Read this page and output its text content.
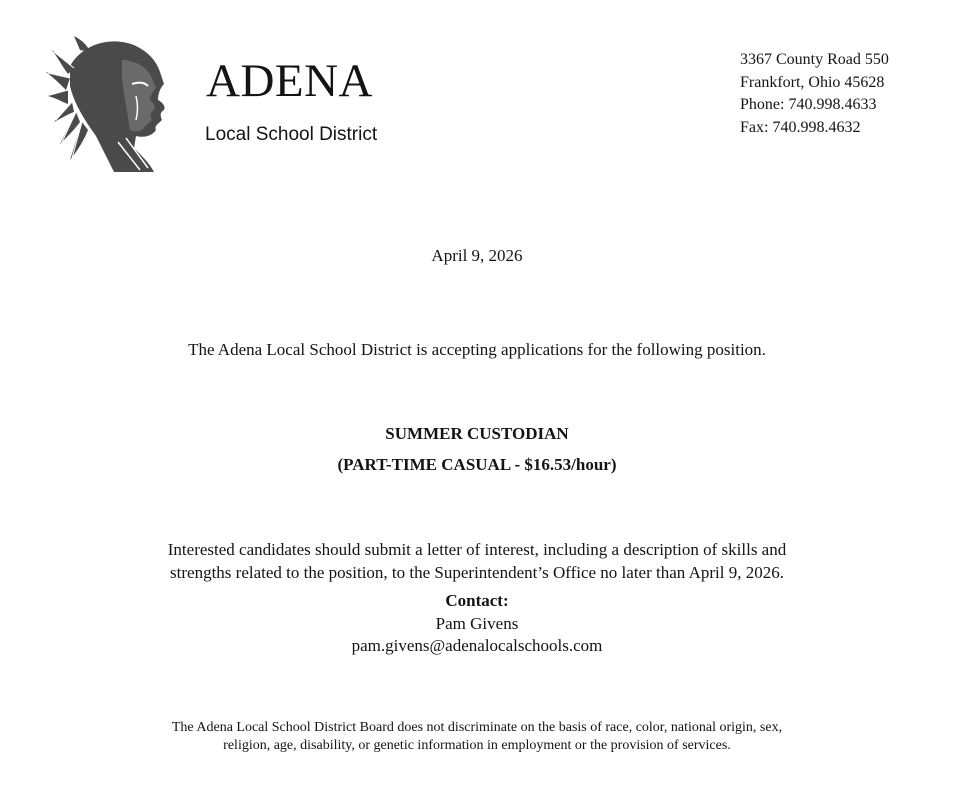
ADENA
Local School District
3367 County Road 550
Frankfort, Ohio 45628
Phone: 740.998.4633
Fax: 740.998.4632
April 9, 2026
The Adena Local School District is accepting applications for the following position.
SUMMER CUSTODIAN
(PART-TIME CASUAL - $16.53/hour)
Interested candidates should submit a letter of interest, including a description of skills and
strengths related to the position, to the Superintendent’s Office no later than April 9, 2026.
Contact:
Pam Givens
pam.givens@adenalocalschools.com
The Adena Local School District Board does not discriminate on the basis of race, color, national origin, sex,
religion, age, disability, or genetic information in employment or the provision of services.
